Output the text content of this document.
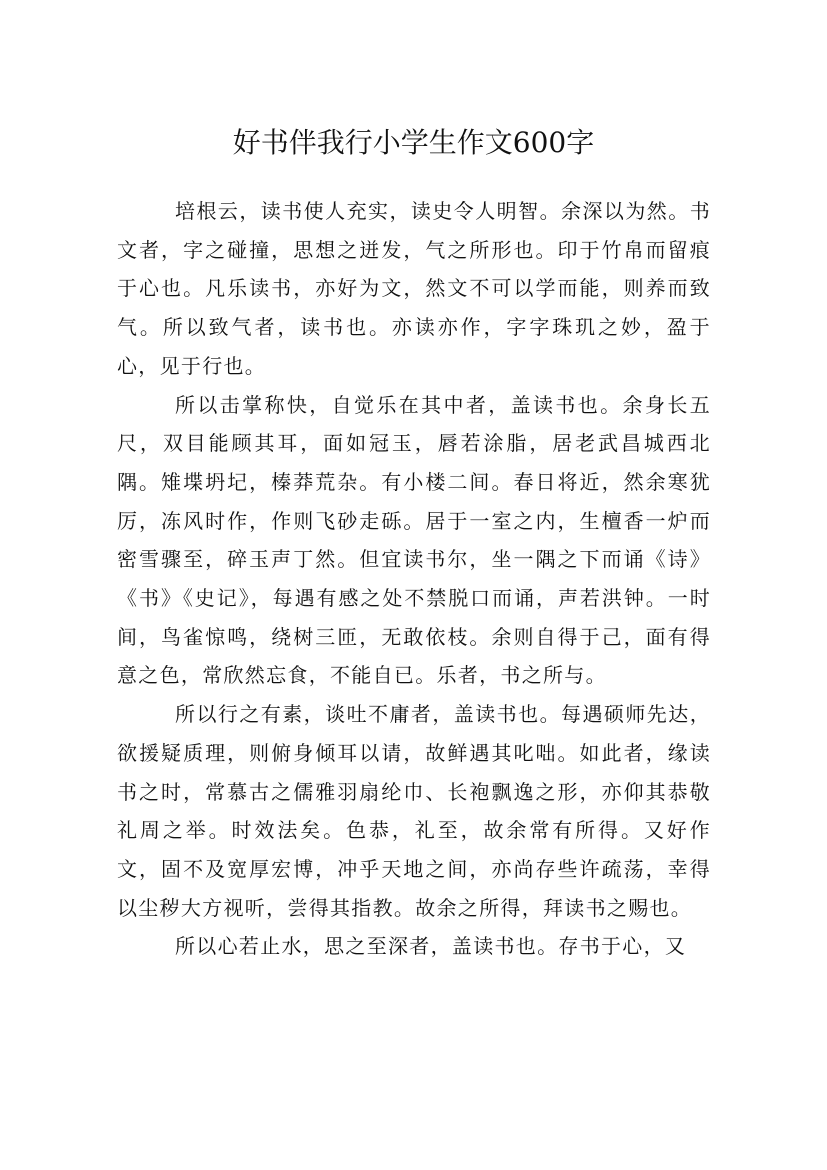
好书伴我行小学生作文600字

培根云，读书使人充实，读史令人明智。余深以为然。书文者，字之碰撞，思想之迸发，气之所形也。印于竹帛而留痕于心也。凡乐读书，亦好为文，然文不可以学而能，则养而致气。所以致气者，读书也。亦读亦作，字字珠玑之妙，盈于心，见于行也。

所以击掌称快，自觉乐在其中者，盖读书也。余身长五尺，双目能顾其耳，面如冠玉，唇若涂脂，居老武昌城西北隅。雉堞坍圮，榛莽荒杂。有小楼二间。春日将近，然余寒犹厉，冻风时作，作则飞砂走砾。居于一室之内，生檀香一炉而密雪骤至，碎玉声丁然。但宜读书尔，坐一隅之下而诵《诗》《书》《史记》，每遇有感之处不禁脱口而诵，声若洪钟。一时间，鸟雀惊鸣，绕树三匝，无敢依枝。余则自得于己，面有得意之色，常欣然忘食，不能自已。乐者，书之所与。

所以行之有素，谈吐不庸者，盖读书也。每遇硕师先达，欲援疑质理，则俯身倾耳以请，故鲜遇其叱咄。如此者，缘读书之时，常慕古之儒雅羽扇纶巾、长袍飘逸之形，亦仰其恭敬礼周之举。时效法矣。色恭，礼至，故余常有所得。又好作文，固不及宽厚宏博，冲乎天地之间，亦尚存些许疏荡，幸得以尘秽大方视听，尝得其指教。故余之所得，拜读书之赐也。

所以心若止水，思之至深者，盖读书也。存书于心，又
